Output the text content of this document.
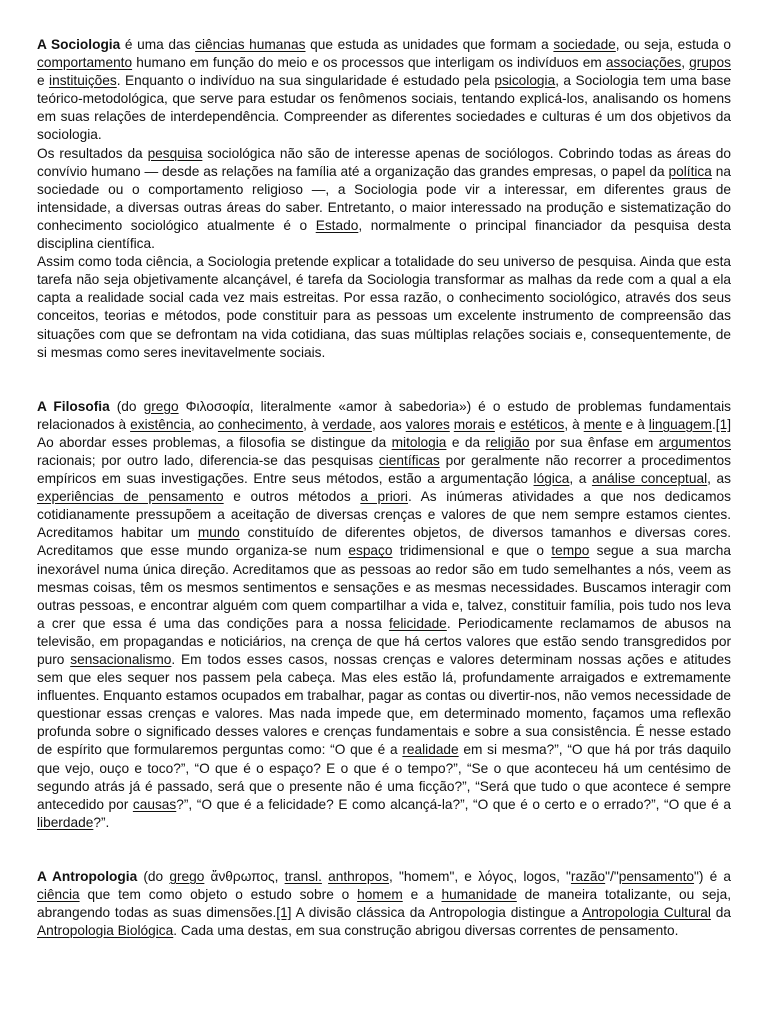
A Sociologia é uma das ciências humanas que estuda as unidades que formam a sociedade, ou seja, estuda o comportamento humano em função do meio e os processos que interligam os indivíduos em associações, grupos e instituições. Enquanto o indivíduo na sua singularidade é estudado pela psicologia, a Sociologia tem uma base teórico-metodológica, que serve para estudar os fenômenos sociais, tentando explicá-los, analisando os homens em suas relações de interdependência. Compreender as diferentes sociedades e culturas é um dos objetivos da sociologia.

Os resultados da pesquisa sociológica não são de interesse apenas de sociólogos. Cobrindo todas as áreas do convívio humano — desde as relações na família até a organização das grandes empresas, o papel da política na sociedade ou o comportamento religioso —, a Sociologia pode vir a interessar, em diferentes graus de intensidade, a diversas outras áreas do saber. Entretanto, o maior interessado na produção e sistematização do conhecimento sociológico atualmente é o Estado, normalmente o principal financiador da pesquisa desta disciplina científica.

Assim como toda ciência, a Sociologia pretende explicar a totalidade do seu universo de pesquisa. Ainda que esta tarefa não seja objetivamente alcançável, é tarefa da Sociologia transformar as malhas da rede com a qual a ela capta a realidade social cada vez mais estreitas. Por essa razão, o conhecimento sociológico, através dos seus conceitos, teorias e métodos, pode constituir para as pessoas um excelente instrumento de compreensão das situações com que se defrontam na vida cotidiana, das suas múltiplas relações sociais e, consequentemente, de si mesmas como seres inevitavelmente sociais.

A Filosofia (do grego Φιλοσοφία, literalmente «amor à sabedoria») é o estudo de problemas fundamentais relacionados à existência, ao conhecimento, à verdade, aos valores morais e estéticos, à mente e à linguagem.[1] Ao abordar esses problemas, a filosofia se distingue da mitologia e da religião por sua ênfase em argumentos racionais; por outro lado, diferencia-se das pesquisas científicas por geralmente não recorrer a procedimentos empíricos em suas investigações. Entre seus métodos, estão a argumentação lógica, a análise conceptual, as experiências de pensamento e outros métodos a priori. As inúmeras atividades a que nos dedicamos cotidianamente pressupõem a aceitação de diversas crenças e valores de que nem sempre estamos cientes. Acreditamos habitar um mundo constituído de diferentes objetos, de diversos tamanhos e diversas cores. Acreditamos que esse mundo organiza-se num espaço tridimensional e que o tempo segue a sua marcha inexorável numa única direção. Acreditamos que as pessoas ao redor são em tudo semelhantes a nós, veem as mesmas coisas, têm os mesmos sentimentos e sensações e as mesmas necessidades. Buscamos interagir com outras pessoas, e encontrar alguém com quem compartilhar a vida e, talvez, constituir família, pois tudo nos leva a crer que essa é uma das condições para a nossa felicidade. Periodicamente reclamamos de abusos na televisão, em propagandas e noticiários, na crença de que há certos valores que estão sendo transgredidos por puro sensacionalismo. Em todos esses casos, nossas crenças e valores determinam nossas ações e atitudes sem que eles sequer nos passem pela cabeça. Mas eles estão lá, profundamente arraigados e extremamente influentes. Enquanto estamos ocupados em trabalhar, pagar as contas ou divertir-nos, não vemos necessidade de questionar essas crenças e valores. Mas nada impede que, em determinado momento, façamos uma reflexão profunda sobre o significado desses valores e crenças fundamentais e sobre a sua consistência. É nesse estado de espírito que formularemos perguntas como: “O que é a realidade em si mesma?”, “O que há por trás daquilo que vejo, ouço e toco?”, “O que é o espaço? E o que é o tempo?”, “Se o que aconteceu há um centésimo de segundo atrás já é passado, será que o presente não é uma ficção?”, “Será que tudo o que acontece é sempre antecedido por causas?”, “O que é a felicidade? E como alcançá-la?”, “O que é o certo e o errado?”, “O que é a liberdade?”.

A Antropologia (do grego ἄνθρωπος, transl. anthropos, "homem", e λόγος, logos, "razão"/"pensamento") é a ciência que tem como objeto o estudo sobre o homem e a humanidade de maneira totalizante, ou seja, abrangendo todas as suas dimensões.[1] A divisão clássica da Antropologia distingue a Antropologia Cultural da Antropologia Biológica. Cada uma destas, em sua construção abrigou diversas correntes de pensamento.
